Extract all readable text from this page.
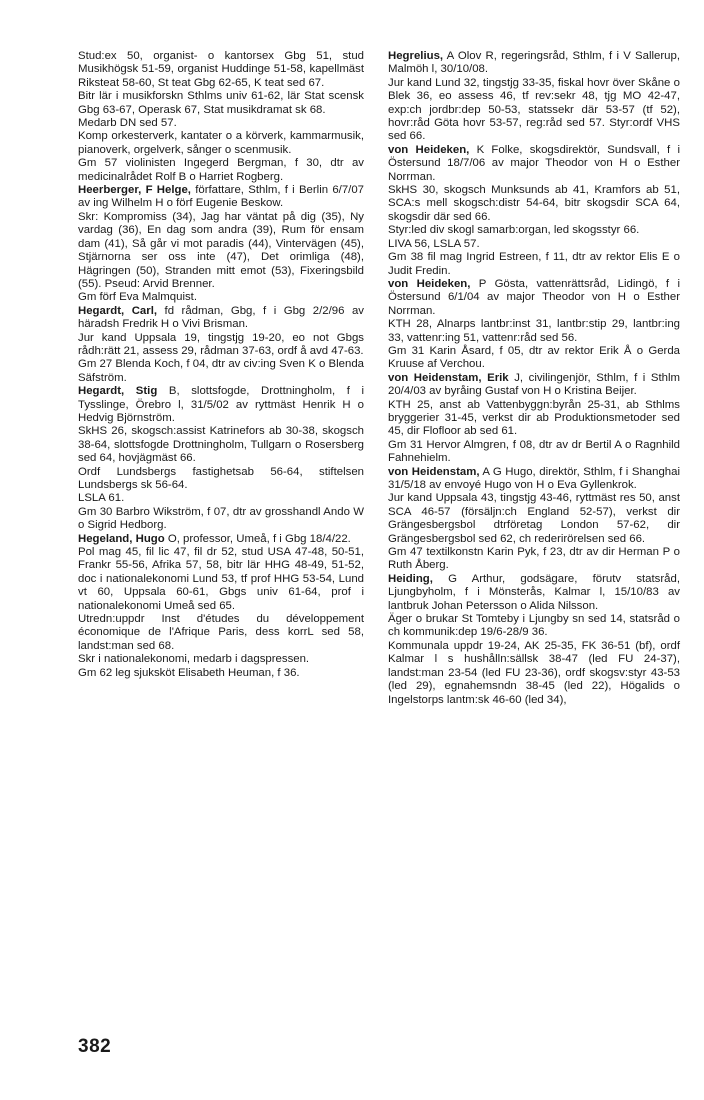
Stud:ex 50, organist- o kantorsex Gbg 51, stud Musikhögsk 51-59, organist Huddinge 51-58, kapellmäst Riksteat 58-60, St teat Gbg 62-65, K teat sed 67.

Bitr lär i musikforskn Sthlms univ 61-62, lär Stat scensk Gbg 63-67, Operask 67, Stat musikdramat sk 68.

Medarb DN sed 57.

Komp orkesterverk, kantater o a körverk, kammarmusik, pianoverk, orgelverk, sånger o scenmusik.

Gm 57 violinisten Ingegerd Bergman, f 30, dtr av medicinalrådet Rolf B o Harriet Rogberg.

Heerberger, F Helge, författare, Sthlm, f i Berlin 6/7/07 av ing Wilhelm H o förf Eugenie Beskow.

Skr: Kompromiss (34), Jag har väntat på dig (35), Ny vardag (36), En dag som andra (39), Rum för ensam dam (41), Så går vi mot paradis (44), Vintervägen (45), Stjärnorna ser oss inte (47), Det orimliga (48), Hägringen (50), Stranden mitt emot (53), Fixeringsbild (55). Pseud: Arvid Brenner.

Gm förf Eva Malmquist.

Hegardt, Carl, fd rådman, Gbg, f i Gbg 2/2/96 av häradsh Fredrik H o Vivi Brisman.

Jur kand Uppsala 19, tingstjg 19-20, eo not Gbgs rådh:rätt 21, assess 29, rådman 37-63, ordf å avd 47-63.

Gm 27 Blenda Koch, f 04, dtr av civ:ing Sven K o Blenda Säfström.

Hegardt, Stig B, slottsfogde, Drottningholm, f i Tysslinge, Örebro l, 31/5/02 av ryttmäst Henrik H o Hedvig Björnström.

SkHS 26, skogsch:assist Katrinefors ab 30-38, skogsch 38-64, slottsfogde Drottningholm, Tullgarn o Rosersberg sed 64, hovjägmäst 66.

Ordf Lundsbergs fastighetsab 56-64, stiftelsen Lundsbergs sk 56-64.

LSLA 61.

Gm 30 Barbro Wikström, f 07, dtr av grosshandl Ando W o Sigrid Hedborg.

Hegeland, Hugo O, professor, Umeå, f i Gbg 18/4/22.

Pol mag 45, fil lic 47, fil dr 52, stud USA 47-48, 50-51, Frankr 55-56, Afrika 57, 58, bitr lär HHG 48-49, 51-52, doc i nationalekonomi Lund 53, tf prof HHG 53-54, Lund vt 60, Uppsala 60-61, Gbgs univ 61-64, prof i nationalekonomi Umeå sed 65.

Utredn:uppdr Inst d'études du développement économique de l'Afrique Paris, dess korrL sed 58, landst:man sed 68.

Skr i nationalekonomi, medarb i dagspressen.

Gm 62 leg sjuksköt Elisabeth Heuman, f 36.

Hegrelius, A Olov R, regeringsråd, Sthlm, f i V Sallerup, Malmöh l, 30/10/08.

Jur kand Lund 32, tingstjg 33-35, fiskal hovr över Skåne o Blek 36, eo assess 46, tf rev:sekr 48, tjg MO 42-47, exp:ch jordbr:dep 50-53, statssekr där 53-57 (tf 52), hovr:råd Göta hovr 53-57, reg:råd sed 57. Styr:ordf VHS sed 66.

von Heideken, K Folke, skogsdirektör, Sundsvall, f i Östersund 18/7/06 av major Theodor von H o Esther Norrman.

SkHS 30, skogsch Munksunds ab 41, Kramfors ab 51, SCA:s mell skogsch:distr 54-64, bitr skogsdir SCA 64, skogsdir där sed 66.

Styr:led div skogl samarb:organ, led skogsstyr 66.

LIVA 56, LSLA 57.

Gm 38 fil mag Ingrid Estreen, f 11, dtr av rektor Elis E o Judit Fredin.

von Heideken, P Gösta, vattenrättsråd, Lidingö, f i Östersund 6/1/04 av major Theodor von H o Esther Norrman.

KTH 28, Alnarps lantbr:inst 31, lantbr:stip 29, lantbr:ing 33, vattenr:ing 51, vattenr:råd sed 56.

Gm 31 Karin Åsard, f 05, dtr av rektor Erik Å o Gerda Kruuse af Verchou.

von Heidenstam, Erik J, civilingenjör, Sthlm, f i Sthlm 20/4/03 av byråing Gustaf von H o Kristina Beijer.

KTH 25, anst ab Vattenbyggn:byrån 25-31, ab Sthlms bryggerier 31-45, verkst dir ab Produktionsmetoder sed 45, dir Flofloor ab sed 61.

Gm 31 Hervor Almgren, f 08, dtr av dr Bertil A o Ragnhild Fahnehielm.

von Heidenstam, A G Hugo, direktör, Sthlm, f i Shanghai 31/5/18 av envoyé Hugo von H o Eva Gyllenkrok.

Jur kand Uppsala 43, tingstjg 43-46, ryttmäst res 50, anst SCA 46-57 (försäljn:ch England 52-57), verkst dir Grängesbergsbol dtrföretag London 57-62, dir Grängesbergsbol sed 62, ch rederirörelsen sed 66.

Gm 47 textilkonstn Karin Pyk, f 23, dtr av dir Herman P o Ruth Åberg.

Heiding, G Arthur, godsägare, förutv statsråd, Ljungbyholm, f i Mönsterås, Kalmar l, 15/10/83 av lantbruk Johan Petersson o Alida Nilsson.

Äger o brukar St Tomteby i Ljungby sn sed 14, statsråd o ch kommunik:dep 19/6-28/9 36.

Kommunala uppdr 19-24, AK 25-35, FK 36-51 (bf), ordf Kalmar l s hushålln:sällsk 38-47 (led FU 24-37), landst:man 23-54 (led FU 23-36), ordf skogsv:styr 43-53 (led 29), egnahemsndn 38-45 (led 22), Högalids o Ingelstorps lantm:sk 46-60 (led 34),

382
